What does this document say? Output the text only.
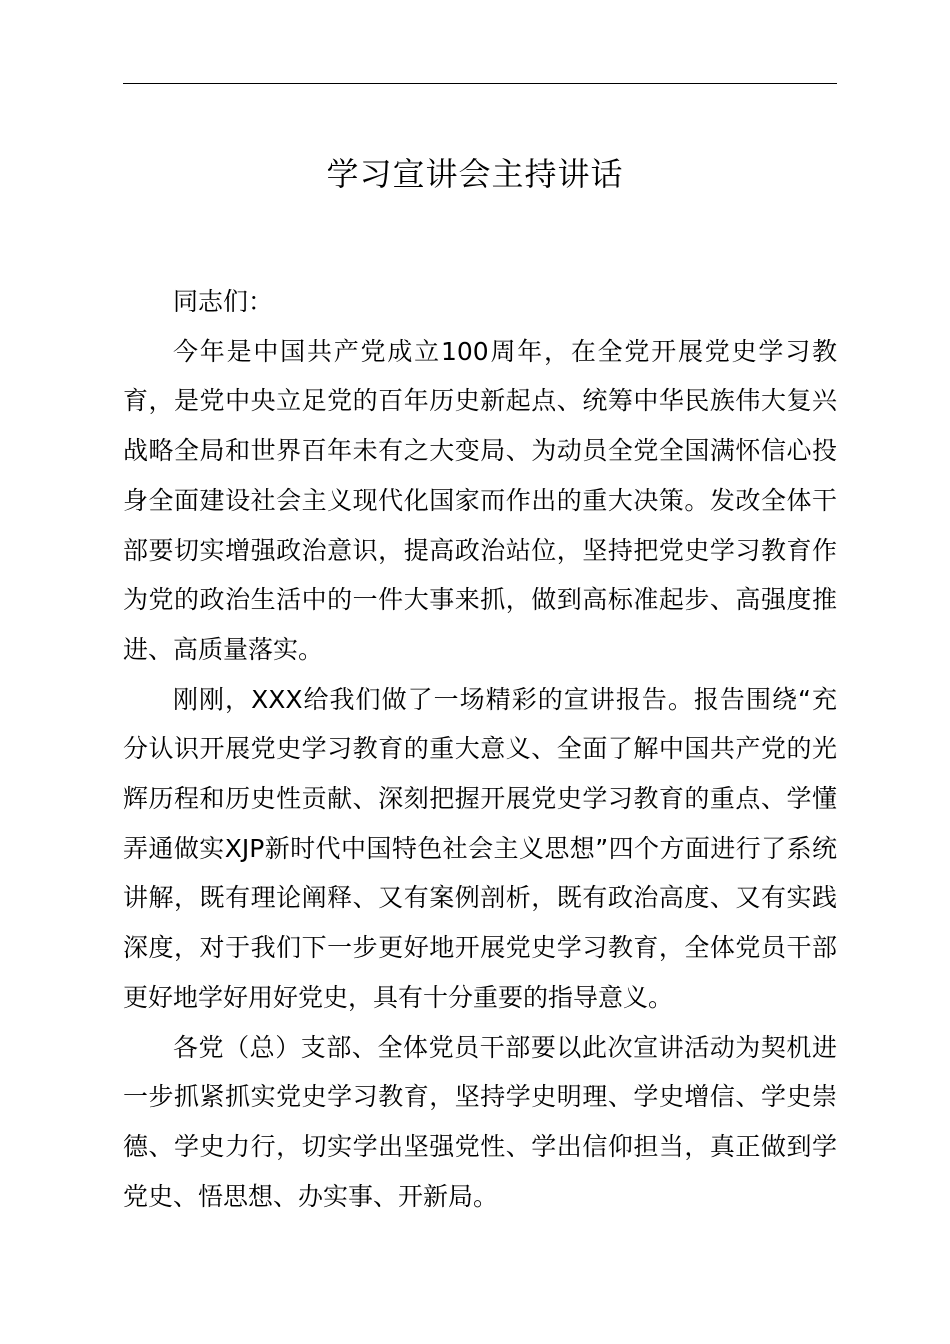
学习宣讲会主持讲话

同志们：

今年是中国共产党成立100周年，在全党开展党史学习教育，是党中央立足党的百年历史新起点、统筹中华民族伟大复兴战略全局和世界百年未有之大变局、为动员全党全国满怀信心投身全面建设社会主义现代化国家而作出的重大决策。发改全体干部要切实增强政治意识，提高政治站位，坚持把党史学习教育作为党的政治生活中的一件大事来抓，做到高标准起步、高强度推进、高质量落实。

刚刚，XXX给我们做了一场精彩的宣讲报告。报告围绕“充分认识开展党史学习教育的重大意义、全面了解中国共产党的光辉历程和历史性贡献、深刻把握开展党史学习教育的重点、学懂弄通做实XJP新时代中国特色社会主义思想”四个方面进行了系统讲解，既有理论阐释、又有案例剖析，既有政治高度、又有实践深度，对于我们下一步更好地开展党史学习教育，全体党员干部更好地学好用好党史，具有十分重要的指导意义。

各党（总）支部、全体党员干部要以此次宣讲活动为契机进一步抓紧抓实党史学习教育，坚持学史明理、学史增信、学史崇德、学史力行，切实学出坚强党性、学出信仰担当，真正做到学党史、悟思想、办实事、开新局。
